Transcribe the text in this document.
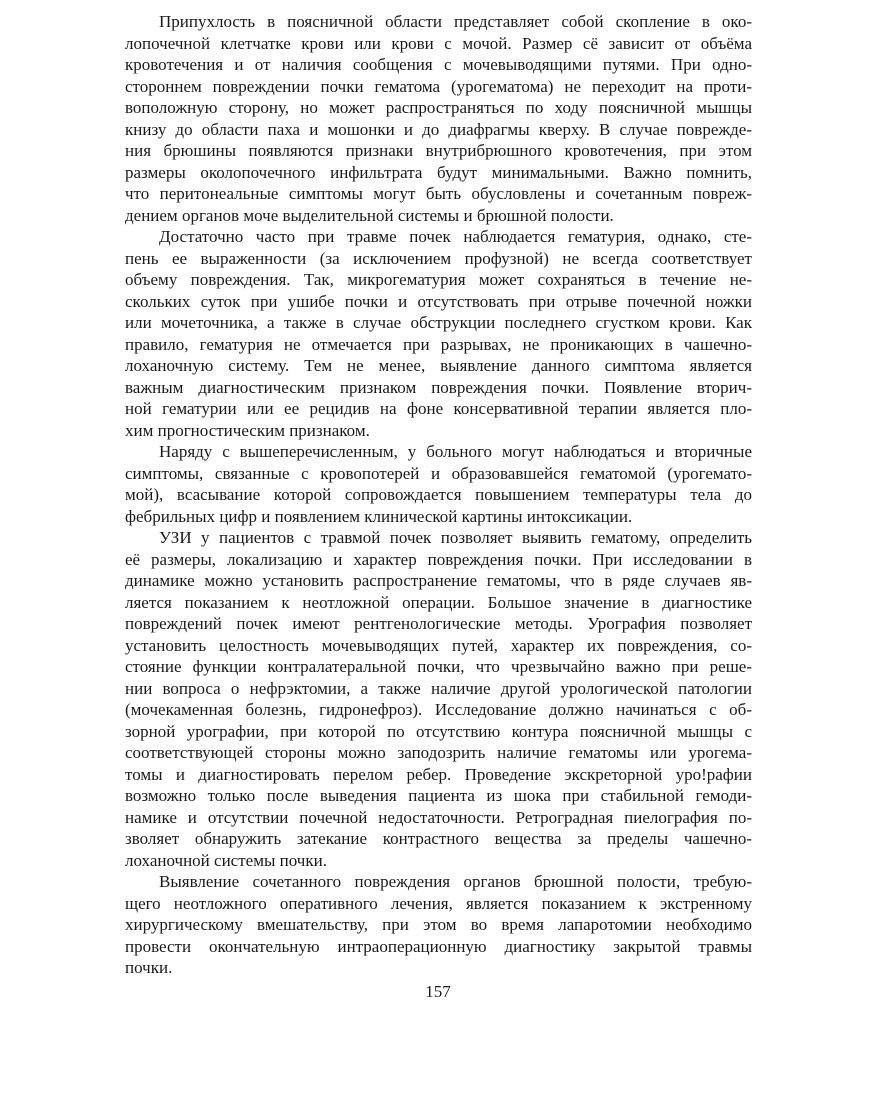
Припухлость в поясничной области представляет собой скопление в око-
лопочечной клетчатке крови или крови с мочой. Размер сё зависит от объёма
кровотечения и от наличия сообщения с мочевыводящими путями. При одно-
стороннем повреждении почки гематома (урогематома) не переходит на проти-
воположную сторону, но может распространяться по ходу поясничной мышцы
книзу до области паха и мошонки и до диафрагмы кверху. В случае поврежде-
ния брюшины появляются признаки внутрибрюшного кровотечения, при этом
размеры околопочечного инфильтрата будут минимальными. Важно помнить,
что перитонеальные симптомы могут быть обусловлены и сочетанным повреж-
дением органов моче выделительной системы и брюшной полости.
Достаточно часто при травме почек наблюдается гематурия, однако, сте-
пень ее выраженности (за исключением профузной) не всегда соответствует
объему повреждения. Так, микрогематурия может сохраняться в течение не-
скольких суток при ушибе почки и отсутствовать при отрыве почечной ножки
или мочеточника, а также в случае обструкции последнего сгустком крови. Как
правило, гематурия не отмечается при разрывах, не проникающих в чашечно-
лоханочную систему. Тем не менее, выявление данного симптома является
важным диагностическим признаком повреждения почки. Появление вторич-
ной гематурии или ее рецидив на фоне консервативной терапии является пло-
хим прогностическим признаком.
Наряду с вышеперечисленным, у больного могут наблюдаться и вторичные
симптомы, связанные с кровопотерей и образовавшейся гематомой (урогемато-
мой), всасывание которой сопровождается повышением температуры тела до
фебрильных цифр и появлением клинической картины интоксикации.
УЗИ у пациентов с травмой почек позволяет выявить гематому, определить
её размеры, локализацию и характер повреждения почки. При исследовании в
динамике можно установить распространение гематомы, что в ряде случаев яв-
ляется показанием к неотложной операции. Большое значение в диагностике
повреждений почек имеют рентгенологические методы. Урография позволяет
установить целостность мочевыводящих путей, характер их повреждения, со-
стояние функции контралатеральной почки, что чрезвычайно важно при реше-
нии вопроса о нефрэктомии, а также наличие другой урологической патологии
(мочекаменная болезнь, гидронефроз). Исследование должно начинаться с об-
зорной урографии, при которой по отсутствию контура поясничной мышцы с
соответствующей стороны можно заподозрить наличие гематомы или урогема-
томы и диагностировать перелом ребер. Проведение экскреторной уро!рафии
возможно только после выведения пациента из шока при стабильной гемоди-
намике и отсутствии почечной недостаточности. Ретроградная пиелография по-
зволяет обнаружить затекание контрастного вещества за пределы чашечно-
лоханочной системы почки.
Выявление сочетанного повреждения органов брюшной полости, требую-
щего неотложного оперативного лечения, является показанием к экстренному
хирургическому вмешательству, при этом во время лапаротомии необходимо
провести окончательную интраоперационную диагностику закрытой травмы
почки.
157
